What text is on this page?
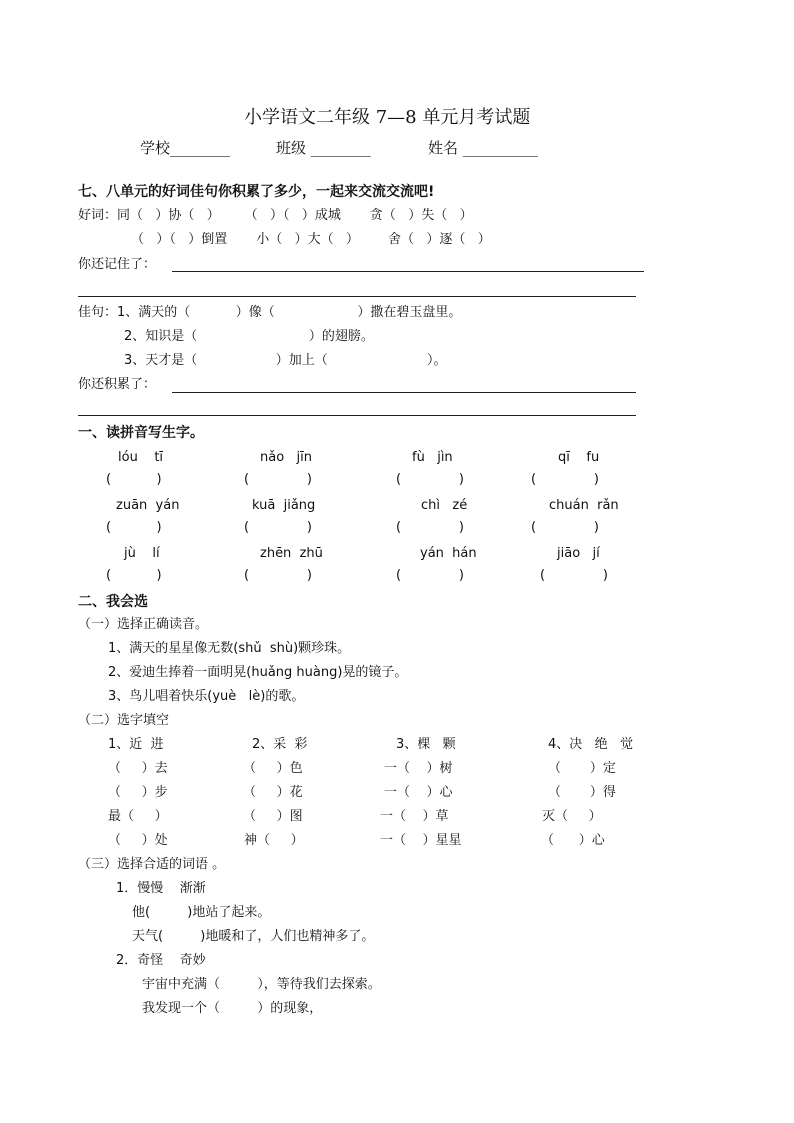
小学语文二年级 7—8 单元月考试题
学校________	班级 ________	姓名 __________
七、八单元的好词佳句你积累了多少，一起来交流交流吧!
好词：同（   ）协（   ）      （   ）（   ）成城       贪（   ）失（   ）
（   ）（   ）倒置       小（   ）大（   ）       舍（   ）逐（   ）
你还记住了：
佳句：1、满天的（           ）像（                    ）撒在碧玉盘里。
2、知识是（                           ）的翅膀。
3、天才是（                   ）加上（                        ）。
你还积累了：
一、读拼音写生字。
lóu    tī	nǎo   jīn	fù   jìn	qī    fu
(           )	(              )	(              )	(              )
zuān  yán	kuā  jiǎng	chì   zé	chuán  rǎn
(           )	(              )	(              )	(              )
jù    lí	zhēn  zhū	yán  hán	jiāo   jí
(           )	(              )	(              )	(              )
二、我会选
（一）选择正确读音。
1、满天的星星像无数(shǔ  shù)颗珍珠。
2、爱迪生捧着一面明晃(huǎng huàng)晃的镜子。
3、鸟儿唱着快乐(yuè   lè)的歌。
（二）选字填空
1、近  进	2、采  彩	3、棵   颗	4、决   绝   觉
（     ）去	（     ）色	一（    ）树	（       ）定
（     ）步	（     ）花	一（    ）心	（       ）得
最（     ）	（     ）图	一（    ）草	灭（     ）
（     ）处	神（     ）	一（    ）星星	（      ）心
（三）选择合适的词语 。
1．慢慢    渐渐
他(         )地站了起来。
天气(         )地暖和了，人们也精神多了。
2．奇怪    奇妙
宇宙中充满（         ），等待我们去探索。
我发现一个（         ）的现象，
